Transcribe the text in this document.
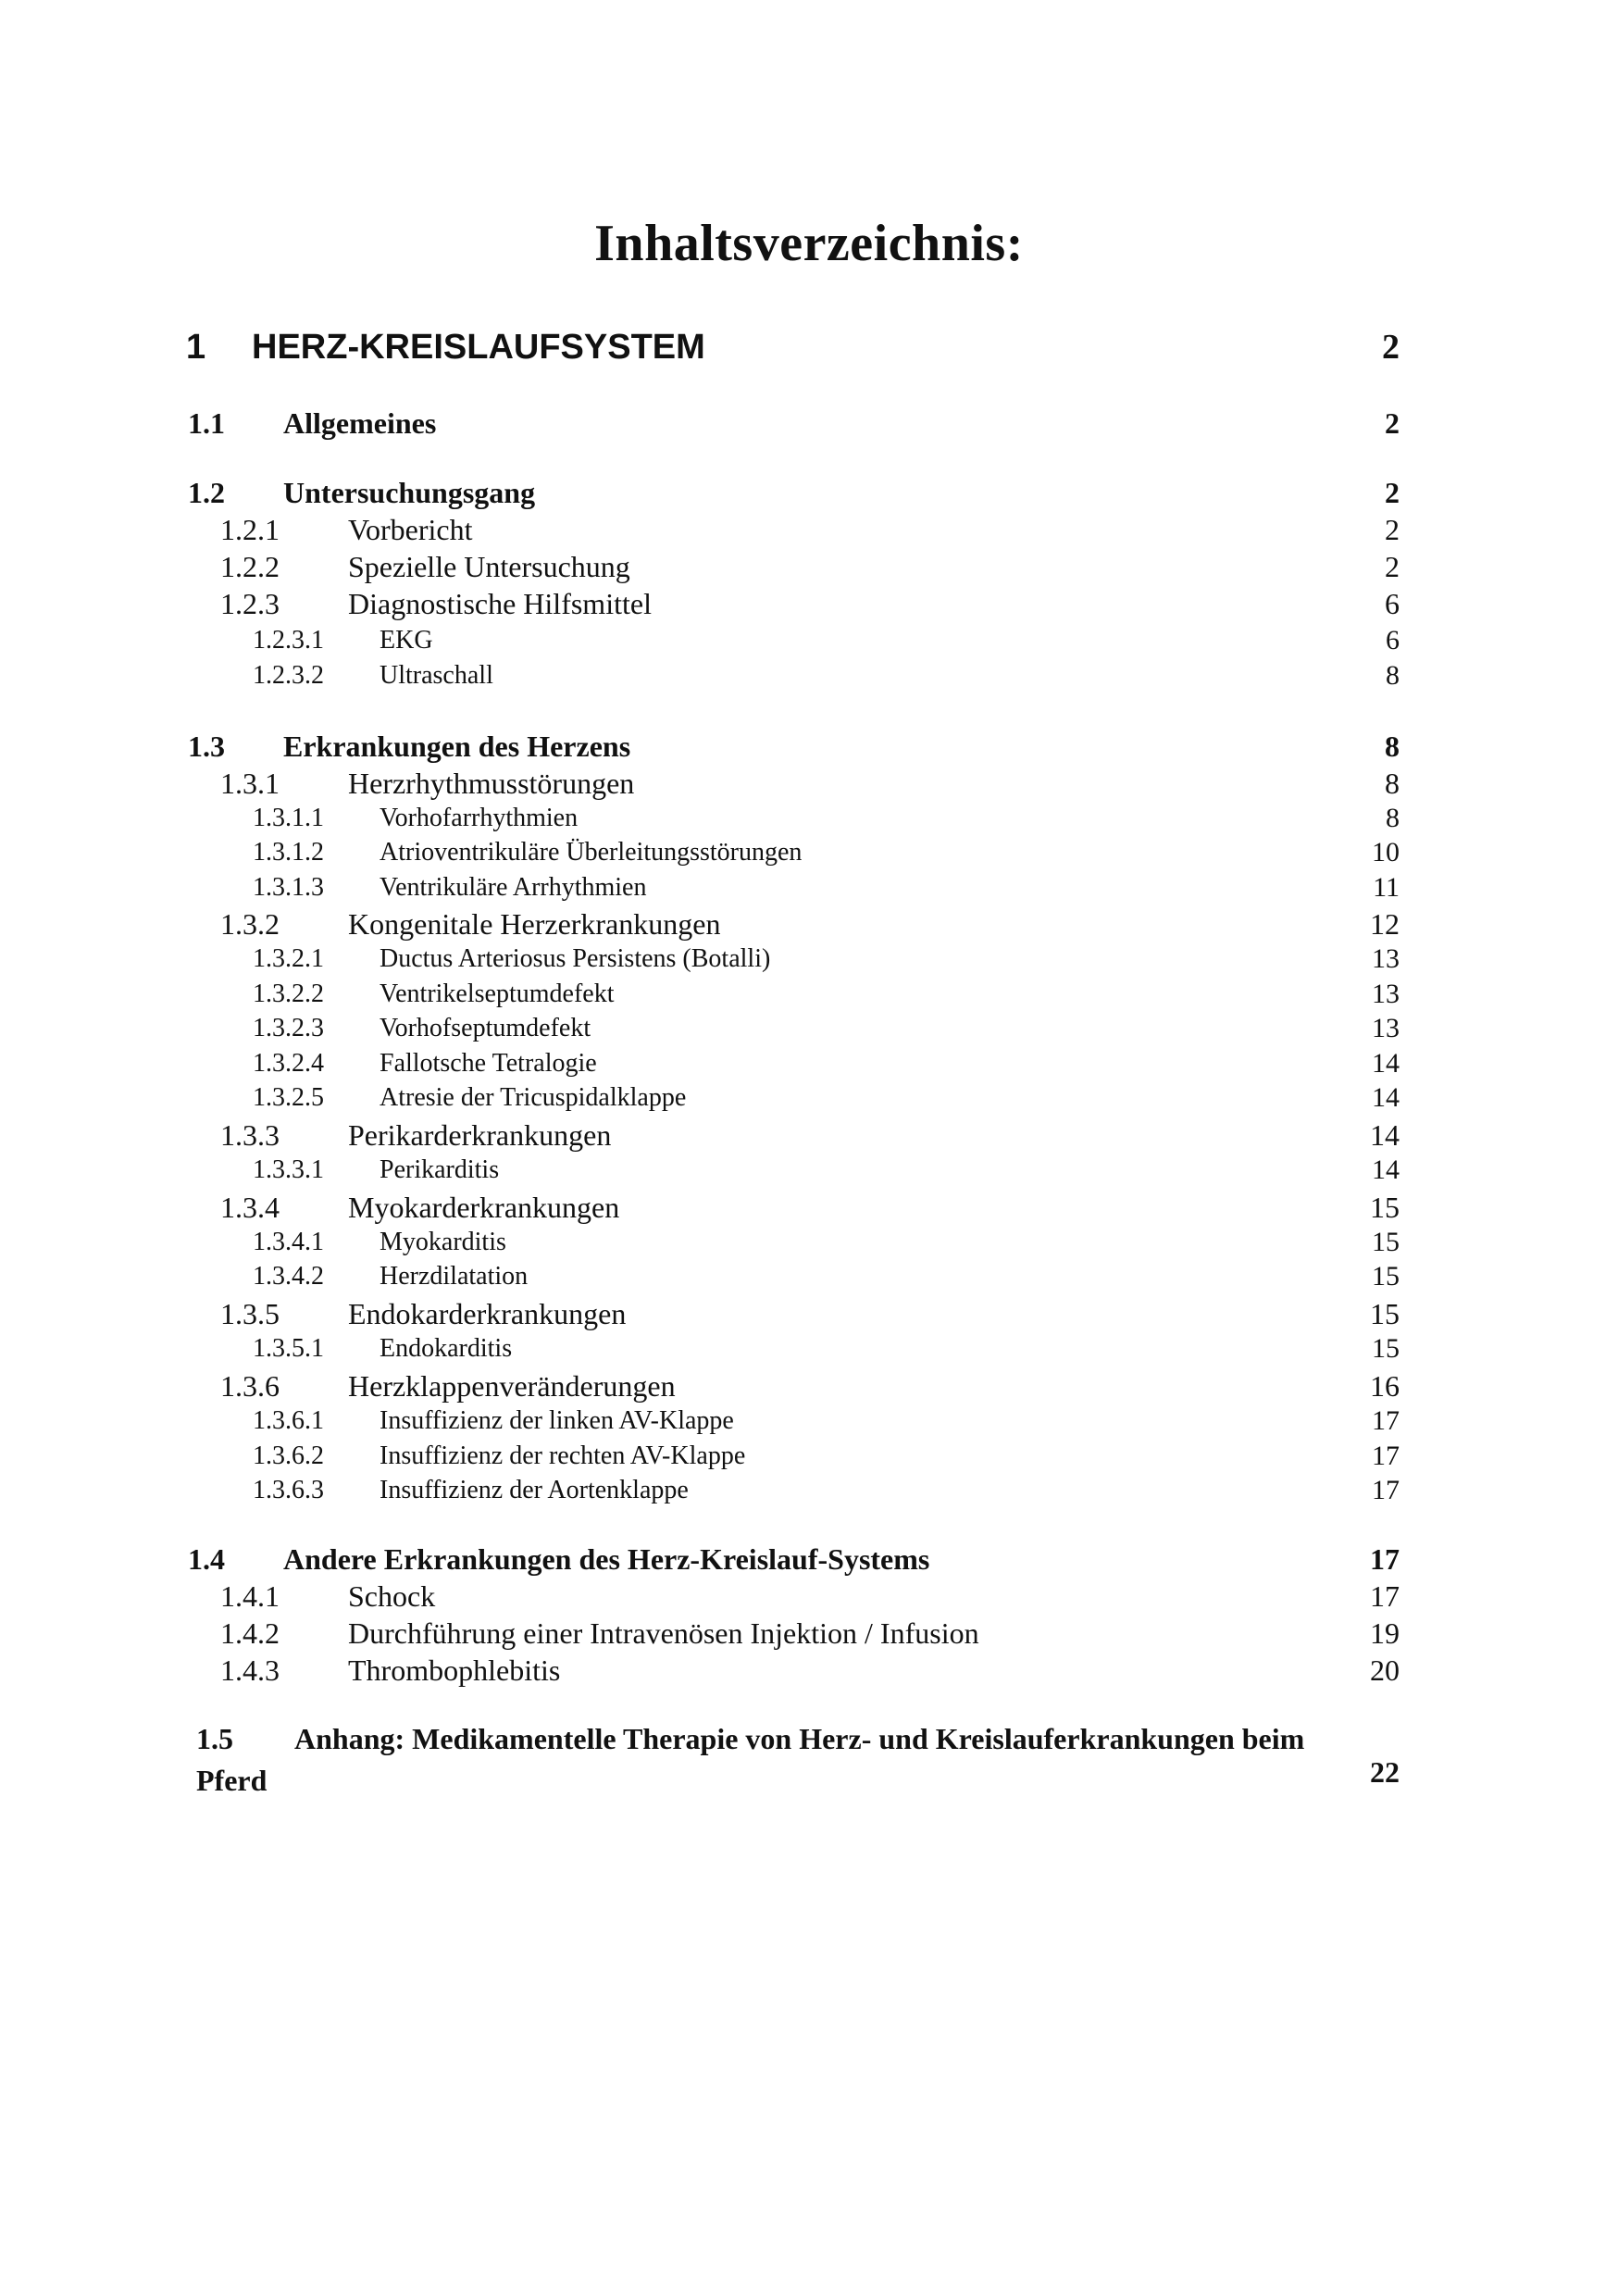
Inhaltsverzeichnis:
1 HERZ-KREISLAUFSYSTEM	2
1.1 Allgemeines	2
1.2 Untersuchungsgang	2
1.2.1 Vorbericht	2
1.2.2 Spezielle Untersuchung	2
1.2.3 Diagnostische Hilfsmittel	6
1.2.3.1 EKG	6
1.2.3.2 Ultraschall	8
1.3 Erkrankungen des Herzens	8
1.3.1 Herzrhythmusstörungen	8
1.3.1.1 Vorhofarrhythmien	8
1.3.1.2 Atrioventrikuläre Überleitungsstörungen	10
1.3.1.3 Ventrikuläre Arrhythmien	11
1.3.2 Kongenitale Herzerkrankungen	12
1.3.2.1 Ductus Arteriosus Persistens (Botalli)	13
1.3.2.2 Ventrikelseptumdefekt	13
1.3.2.3 Vorhofseptumdefekt	13
1.3.2.4 Fallotsche Tetralogie	14
1.3.2.5 Atresie der Tricuspidalklappe	14
1.3.3 Perikarderkrankungen	14
1.3.3.1 Perikarditis	14
1.3.4 Myokarderkrankungen	15
1.3.4.1 Myokarditis	15
1.3.4.2 Herzdilatation	15
1.3.5 Endokarderkrankungen	15
1.3.5.1 Endokarditis	15
1.3.6 Herzklappenveränderungen	16
1.3.6.1 Insuffizienz der linken AV-Klappe	17
1.3.6.2 Insuffizienz der rechten AV-Klappe	17
1.3.6.3 Insuffizienz der Aortenklappe	17
1.4 Andere Erkrankungen des Herz-Kreislauf-Systems	17
1.4.1 Schock	17
1.4.2 Durchführung einer Intravenösen Injektion / Infusion	19
1.4.3 Thrombophlebitis	20
1.5 Anhang: Medikamentelle Therapie von Herz- und Kreislauferkrankungen beim
Pferd	22
